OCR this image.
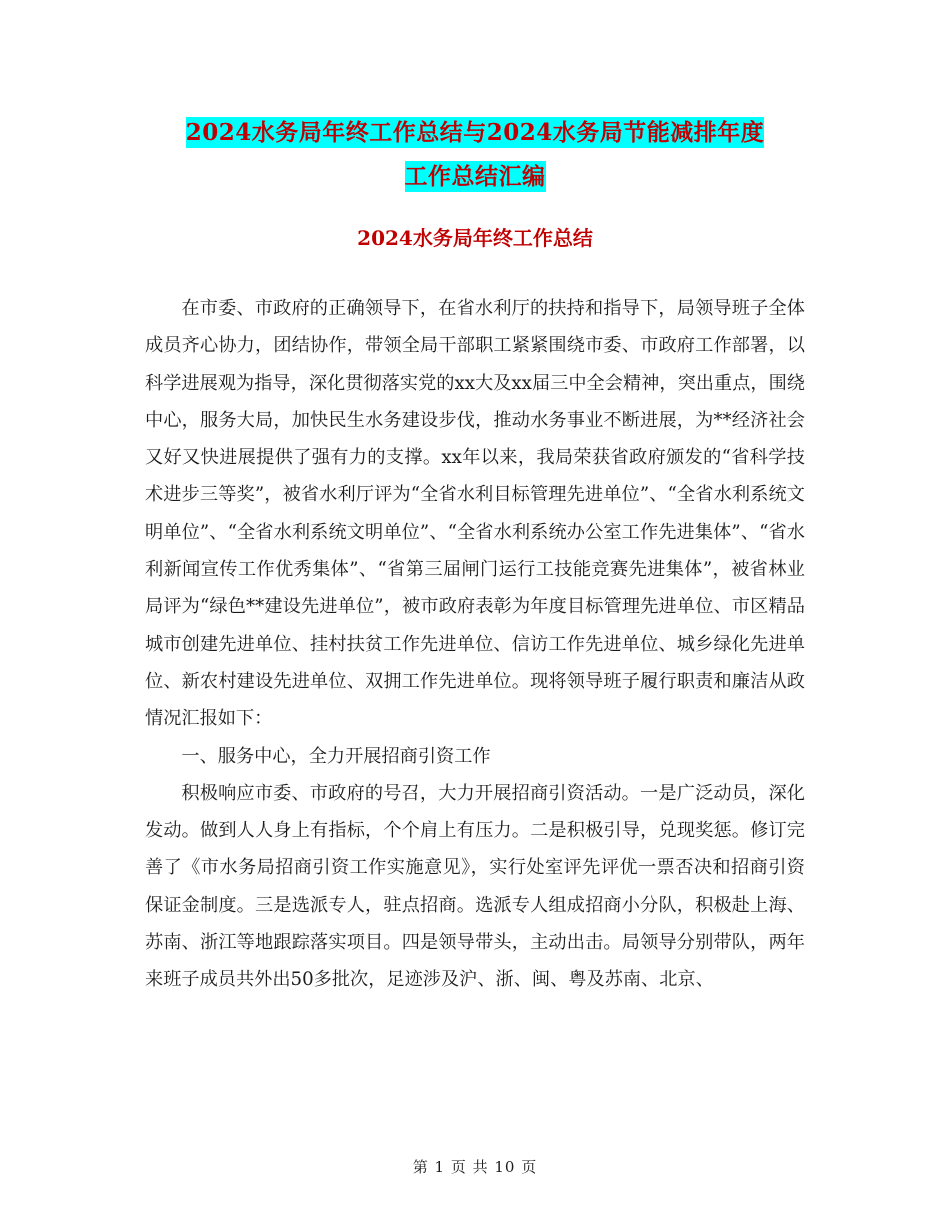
2024水务局年终工作总结与2024水务局节能减排年度
工作总结汇编
2024水务局年终工作总结

在市委、市政府的正确领导下，在省水利厅的扶持和指导下，局领导班子全体成员齐心协力，团结协作，带领全局干部职工紧紧围绕市委、市政府工作部署，以科学进展观为指导，深化贯彻落实党的xx大及xx届三中全会精神，突出重点，围绕中心，服务大局，加快民生水务建设步伐，推动水务事业不断进展，为**经济社会又好又快进展提供了强有力的支撑。xx年以来，我局荣获省政府颁发的“省科学技术进步三等奖”，被省水利厅评为“全省水利目标管理先进单位”、“全省水利系统文明单位”、“全省水利系统文明单位”、“全省水利系统办公室工作先进集体”、“省水利新闻宣传工作优秀集体”、“省第三届闸门运行工技能竞赛先进集体”，被省林业局评为“绿色**建设先进单位”，被市政府表彰为年度目标管理先进单位、市区精品城市创建先进单位、挂村扶贫工作先进单位、信访工作先进单位、城乡绿化先进单位、新农村建设先进单位、双拥工作先进单位。现将领导班子履行职责和廉洁从政情况汇报如下：

一、服务中心，全力开展招商引资工作

积极响应市委、市政府的号召，大力开展招商引资活动。一是广泛动员，深化发动。做到人人身上有指标，个个肩上有压力。二是积极引导，兑现奖惩。修订完善了《市水务局招商引资工作实施意见》，实行处室评先评优一票否决和招商引资保证金制度。三是选派专人，驻点招商。选派专人组成招商小分队，积极赴上海、苏南、浙江等地跟踪落实项目。四是领导带头，主动出击。局领导分别带队，两年来班子成员共外出50多批次，足迹涉及沪、浙、闽、粤及苏南、北京、

第 1 页 共 10 页
